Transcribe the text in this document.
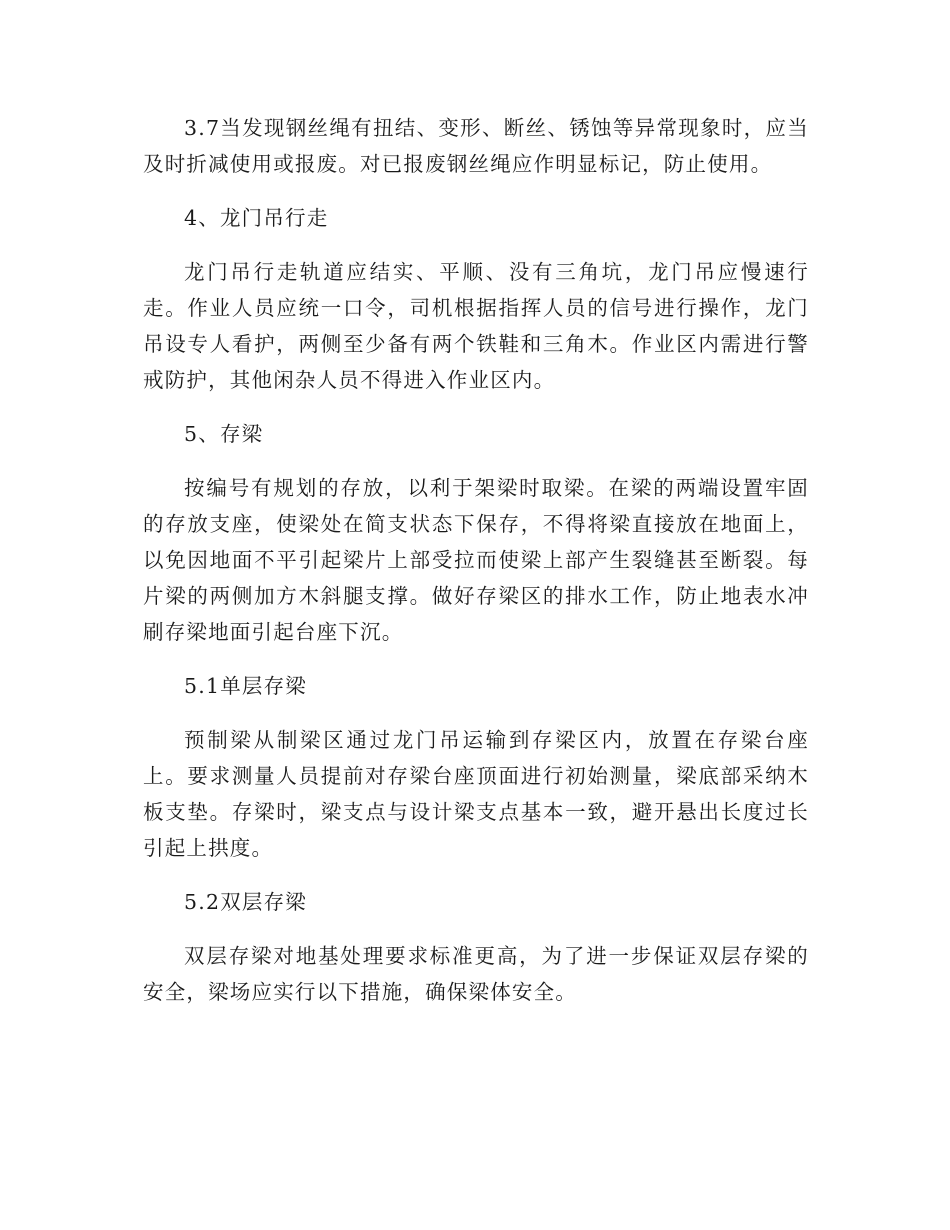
3.7当发现钢丝绳有扭结、变形、断丝、锈蚀等异常现象时，应当及时折减使用或报废。对已报废钢丝绳应作明显标记，防止使用。

4、龙门吊行走

龙门吊行走轨道应结实、平顺、没有三角坑，龙门吊应慢速行走。作业人员应统一口令，司机根据指挥人员的信号进行操作，龙门吊设专人看护，两侧至少备有两个铁鞋和三角木。作业区内需进行警戒防护，其他闲杂人员不得进入作业区内。

5、存梁

按编号有规划的存放，以利于架梁时取梁。在梁的两端设置牢固的存放支座，使梁处在简支状态下保存，不得将梁直接放在地面上，以免因地面不平引起梁片上部受拉而使梁上部产生裂缝甚至断裂。每片梁的两侧加方木斜腿支撑。做好存梁区的排水工作，防止地表水冲刷存梁地面引起台座下沉。

5.1单层存梁

预制梁从制梁区通过龙门吊运输到存梁区内，放置在存梁台座上。要求测量人员提前对存梁台座顶面进行初始测量，梁底部采纳木板支垫。存梁时，梁支点与设计梁支点基本一致，避开悬出长度过长引起上拱度。

5.2双层存梁

双层存梁对地基处理要求标准更高，为了进一步保证双层存梁的安全，梁场应实行以下措施，确保梁体安全。
